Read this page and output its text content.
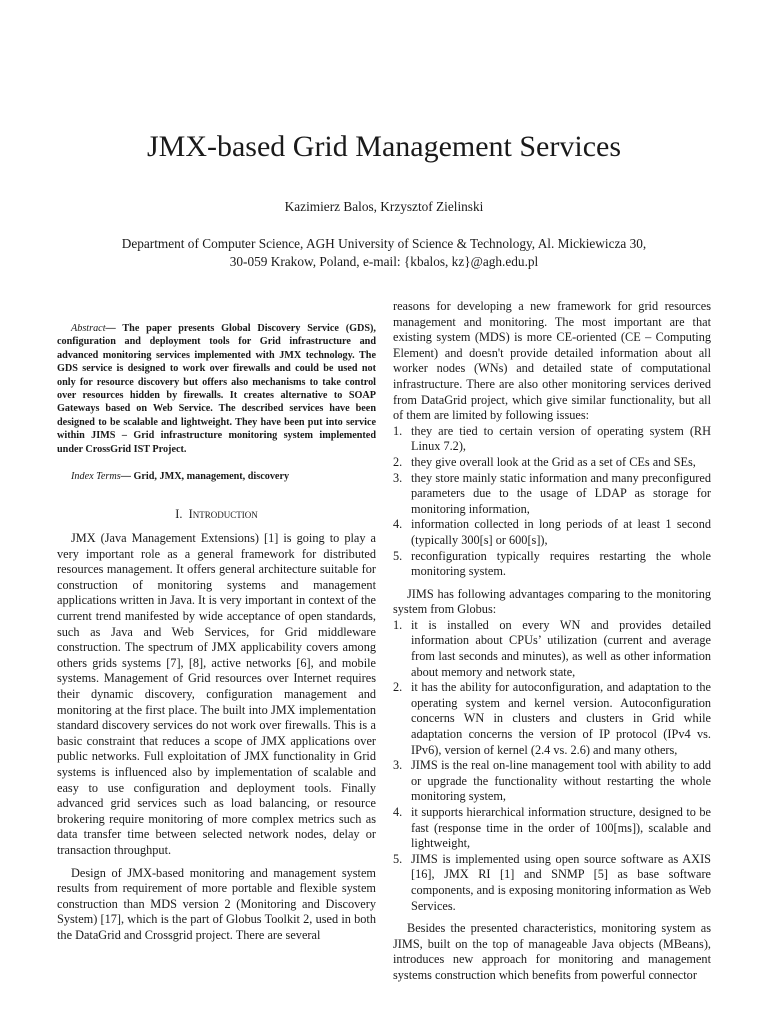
JMX-based Grid Management Services
Kazimierz Balos, Krzysztof Zielinski

Department of Computer Science, AGH University of Science & Technology, Al. Mickiewicza 30,

30-059 Krakow, Poland, e-mail: {kbalos, kz}@agh.edu.pl

Abstract— The paper presents Global Discovery Service (GDS), configuration and deployment tools for Grid infrastructure and advanced monitoring services implemented with JMX technology. The GDS service is designed to work over firewalls and could be used not only for resource discovery but offers also mechanisms to take control over resources hidden by firewalls. It creates alternative to SOAP Gateways based on Web Service. The described services have been designed to be scalable and lightweight. They have been put into service within JIMS – Grid infrastructure monitoring system implemented under CrossGrid IST Project.

Index Terms— Grid, JMX, management, discovery

I. Introduction

JMX (Java Management Extensions) [1] is going to play a very important role as a general framework for distributed resources management. It offers general architecture suitable for construction of monitoring systems and management applications written in Java. It is very important in context of the current trend manifested by wide acceptance of open standards, such as Java and Web Services, for Grid middleware construction. The spectrum of JMX applicability covers among others grids systems [7], [8], active networks [6], and mobile systems. Management of Grid resources over Internet requires their dynamic discovery, configuration management and monitoring at the first place. The built into JMX implementation standard discovery services do not work over firewalls. This is a basic constraint that reduces a scope of JMX applications over public networks. Full exploitation of JMX functionality in Grid systems is influenced also by implementation of scalable and easy to use configuration and deployment tools. Finally advanced grid services such as load balancing, or resource brokering require monitoring of more complex metrics such as data transfer time between selected network nodes, delay or transaction throughput.

Design of JMX-based monitoring and management system results from requirement of more portable and flexible system construction than MDS version 2 (Monitoring and Discovery System) [17], which is the part of Globus Toolkit 2, used in both the DataGrid and Crossgrid project. There are several

reasons for developing a new framework for grid resources management and monitoring. The most important are that existing system (MDS) is more CE-oriented (CE – Computing Element) and doesn't provide detailed information about all worker nodes (WNs) and detailed state of computational infrastructure. There are also other monitoring services derived from DataGrid project, which give similar functionality, but all of them are limited by following issues:

1. they are tied to certain version of operating system (RH Linux 7.2),
2. they give overall look at the Grid as a set of CEs and SEs,
3. they store mainly static information and many preconfigured parameters due to the usage of LDAP as storage for monitoring information,
4. information collected in long periods of at least 1 second (typically 300[s] or 600[s]),
5. reconfiguration typically requires restarting the whole monitoring system.

JIMS has following advantages comparing to the monitoring system from Globus:

1. it is installed on every WN and provides detailed information about CPUs’ utilization (current and average from last seconds and minutes), as well as other information about memory and network state,
2. it has the ability for autoconfiguration, and adaptation to the operating system and kernel version. Autoconfiguration concerns WN in clusters and clusters in Grid while adaptation concerns the version of IP protocol (IPv4 vs. IPv6), version of kernel (2.4 vs. 2.6) and many others,
3. JIMS is the real on-line management tool with ability to add or upgrade the functionality without restarting the whole monitoring system,
4. it supports hierarchical information structure, designed to be fast (response time in the order of 100[ms]), scalable and lightweight,
5. JIMS is implemented using open source software as AXIS [16], JMX RI [1] and SNMP [5] as base software components, and is exposing monitoring information as Web Services.

Besides the presented characteristics, monitoring system as JIMS, built on the top of manageable Java objects (MBeans), introduces new approach for monitoring and management systems construction which benefits from powerful connector
